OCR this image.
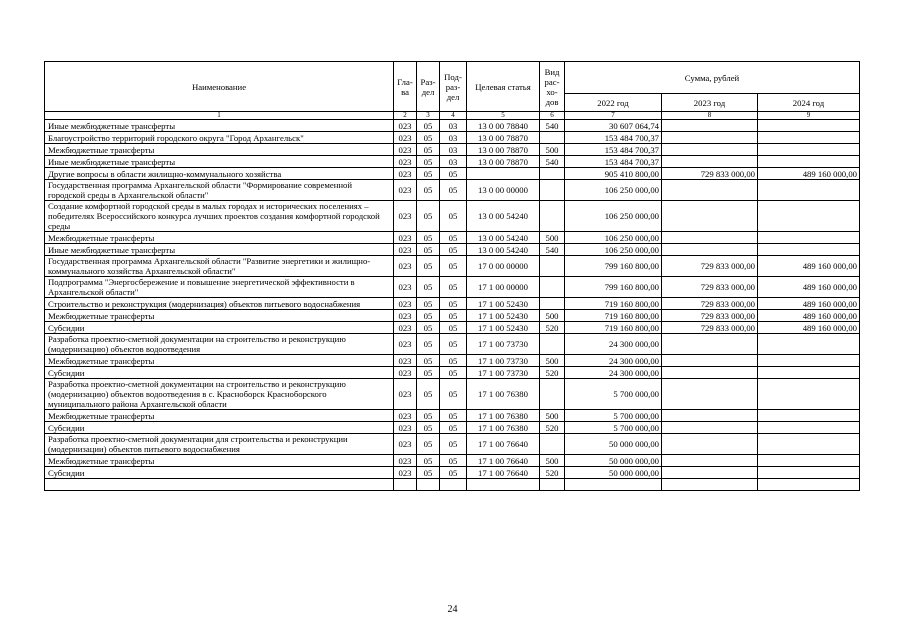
Наименование	Гла-ва	Раз-дел	Под-раз-дел	Целевая статья	Вид рас-хо-дов	Сумма, рублей		
						2022 год	2023 год	2024 год
1	2	3	4	5	6	7	8	9
Иные межбюджетные трансферты	023	05	03	13 0 00 78840	540	30 607 064,74		
Благоустройство территорий городского округа "Город Архангельск"	023	05	03	13 0 00 78870		153 484 700,37		
Межбюджетные трансферты	023	05	03	13 0 00 78870	500	153 484 700,37		
Иные межбюджетные трансферты	023	05	03	13 0 00 78870	540	153 484 700,37		
Другие вопросы в области жилищно-коммунального хозяйства	023	05	05			905 410 800,00	729 833 000,00	489 160 000,00
Государственная программа Архангельской области "Формирование современной городской среды в Архангельской области"	023	05	05	13 0 00 00000		106 250 000,00		
Создание комфортной городской среды в малых городах и исторических поселениях – победителях Всероссийского конкурса лучших проектов создания комфортной городской среды	023	05	05	13 0 00 54240		106 250 000,00		
Межбюджетные трансферты	023	05	05	13 0 00 54240	500	106 250 000,00		
Иные межбюджетные трансферты	023	05	05	13 0 00 54240	540	106 250 000,00		
Государственная программа Архангельской области "Развитие энергетики и жилищно-коммунального хозяйства Архангельской области"	023	05	05	17 0 00 00000		799 160 800,00	729 833 000,00	489 160 000,00
Подпрограмма "Энергосбережение и повышение энергетической эффективности в Архангельской области"	023	05	05	17 1 00 00000		799 160 800,00	729 833 000,00	489 160 000,00
Строительство и реконструкция (модернизация) объектов питьевого водоснабжения	023	05	05	17 1 00 52430		719 160 800,00	729 833 000,00	489 160 000,00
Межбюджетные трансферты	023	05	05	17 1 00 52430	500	719 160 800,00	729 833 000,00	489 160 000,00
Субсидии	023	05	05	17 1 00 52430	520	719 160 800,00	729 833 000,00	489 160 000,00
Разработка проектно-сметной документации на строительство и реконструкцию (модернизацию) объектов водоотведения	023	05	05	17 1 00 73730		24 300 000,00		
Межбюджетные трансферты	023	05	05	17 1 00 73730	500	24 300 000,00		
Субсидии	023	05	05	17 1 00 73730	520	24 300 000,00		
Разработка проектно-сметной документации на строительство и реконструкцию (модернизацию) объектов водоотведения в с. Красноборск Красноборского муниципального района Архангельской области	023	05	05	17 1 00 76380		5 700 000,00		
Межбюджетные трансферты	023	05	05	17 1 00 76380	500	5 700 000,00		
Субсидии	023	05	05	17 1 00 76380	520	5 700 000,00		
Разработка проектно-сметной документации для строительства и реконструкции (модернизации) объектов питьевого водоснабжения	023	05	05	17 1 00 76640		50 000 000,00		
Межбюджетные трансферты	023	05	05	17 1 00 76640	500	50 000 000,00		
Субсидии	023	05	05	17 1 00 76640	520	50 000 000,00		

24
